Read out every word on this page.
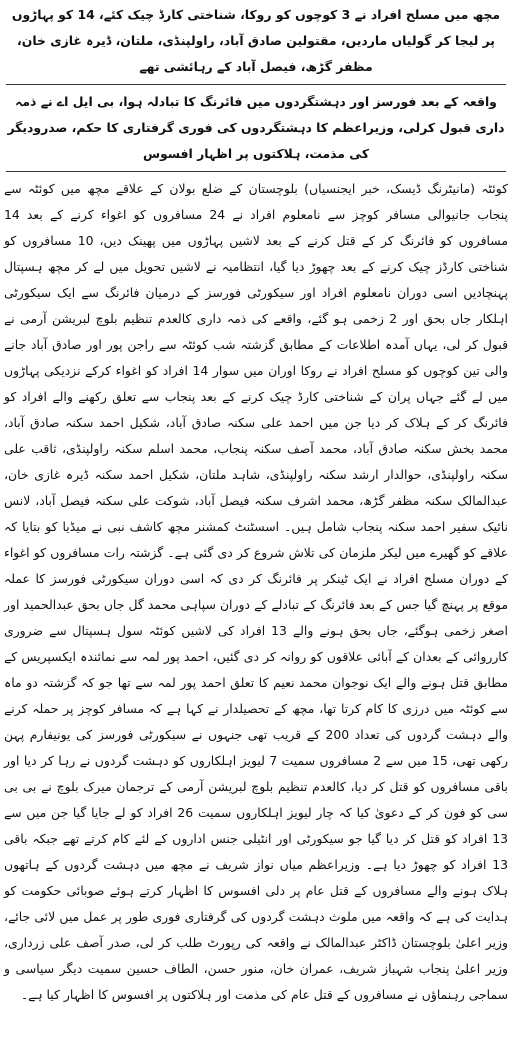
مچھ میں مسلح افراد نے 3 کوچوں کو روکا، شناختی کارڈ چیک کئے، 14 کو پہاڑوں پر لیجا کر گولیاں ماردیں، مقتولین صادق آباد، راولپنڈی، ملتان، ڈیرہ غازی خان، مظفر گڑھ، فیصل آباد کے رہائشی تھے
واقعہ کے بعد فورسز اور دہشتگردوں میں فائرنگ کا تبادلہ ہوا، بی ایل اے نے ذمہ داری قبول کرلی، وزیراعظم کا دہشتگردوں کی فوری گرفتاری کا حکم، صدرودیگر کی مذمت، ہلاکتوں پر اظہار افسوس

کوئٹہ (مانیٹرنگ ڈیسک، خبر ایجنسیاں) بلوچستان کے ضلع بولان کے علاقے مچھ میں کوئٹہ سے پنجاب جانیوالی مسافر کوچز سے نامعلوم افراد نے 24 مسافروں کو اغواء کرنے کے بعد 14 مسافروں کو فائرنگ کر کے قتل کرنے کے بعد لاشیں پہاڑوں میں پھینک دیں، 10 مسافروں کو شناختی کارڈز چیک کرنے کے بعد چھوڑ دیا گیا، انتظامیہ نے لاشیں تحویل میں لے کر مچھ ہسپتال پہنچادیں اسی دوران نامعلوم افراد اور سیکورٹی فورسز کے درمیان فائرنگ سے ایک سیکورٹی اہلکار جاں بحق اور 2 زخمی ہو گئے، واقعے کی ذمہ داری کالعدم تنظیم بلوچ لبریشن آرمی نے قبول کر لی، یہاں آمدہ اطلاعات کے مطابق گزشتہ شب کوئٹہ سے راجن پور اور صادق آباد جانے والی تین کوچوں کو مسلح افراد نے روکا اوران میں سوار 14 افراد کو اغواء کرکے نزدیکی پہاڑوں میں لے گئے جہاں پران کے شناختی کارڈ چیک کرنے کے بعد پنجاب سے تعلق رکھنے والے افراد کو فائرنگ کر کے ہلاک کر دیا جن میں احمد علی سکنہ صادق آباد، شکیل احمد سکنہ صادق آباد، محمد بخش سکنہ صادق آباد، محمد آصف سکنہ پنجاب، محمد اسلم سکنہ راولپنڈی، ثاقب علی سکنہ راولپنڈی، حوالدار ارشد سکنہ راولپنڈی، شاہد ملتان، شکیل احمد سکنہ ڈیرہ غازی خان، عبدالمالک سکنہ مظفر گڑھ، محمد اشرف سکنہ فیصل آباد، شوکت علی سکنہ فیصل آباد، لانس نائیک سفیر احمد سکنہ پنجاب شامل ہیں۔ اسسٹنٹ کمشنر مچھ کاشف نبی نے میڈیا کو بتایا کہ علاقے کو گھیرے میں لیکر ملزمان کی تلاش شروع کر دی گئی ہے۔ گزشتہ رات مسافروں کو اغواء کے دوران مسلح افراد نے ایک ٹینکر پر فائرنگ کر دی کہ اسی دوران سیکورٹی فورسز کا عملہ موقع پر پہنچ گیا جس کے بعد فائرنگ کے تبادلے کے دوران سپاہی محمد گل جاں بحق عبدالحمید اور اصغر زخمی ہوگئے، جاں بحق ہونے والے 13 افراد کی لاشیں کوئٹہ سول ہسپتال سے ضروری کارروائی کے بعدان کے آبائی علاقوں کو روانہ کر دی گئیں، احمد پور لمہ سے نمائندہ ایکسپریس کے مطابق قتل ہونے والے ایک نوجوان محمد نعیم کا تعلق احمد پور لمہ سے تھا جو کہ گزشتہ دو ماہ سے کوئٹہ میں درزی کا کام کرتا تھا، مچھ کے تحصیلدار نے کہا ہے کہ مسافر کوچز پر حملہ کرنے والے دہشت گردوں کی تعداد 200 کے قریب تھی جنہوں نے سیکورٹی فورسز کی یونیفارم پہن رکھی تھی، 15 میں سے 2 مسافروں سمیت 7 لیویز اہلکاروں کو دہشت گردوں نے رہا کر دیا اور باقی مسافروں کو قتل کر دیا، کالعدم تنظیم بلوچ لبریشن آرمی کے ترجمان میرک بلوچ نے بی بی سی کو فون کر کے دعویٰ کیا کہ چار لیویز اہلکاروں سمیت 26 افراد کو لے جایا گیا جن میں سے 13 افراد کو قتل کر دیا گیا جو سیکورٹی اور انٹیلی جنس اداروں کے لئے کام کرتے تھے جبکہ باقی 13 افراد کو چھوڑ دیا ہے۔ وزیراعظم میاں نواز شریف نے مچھ میں دہشت گردوں کے ہاتھوں ہلاک ہونے والے مسافروں کے قتل عام پر دلی افسوس کا اظہار کرتے ہوئے صوبائی حکومت کو ہدایت کی ہے کہ واقعہ میں ملوث دہشت گردوں کی گرفتاری فوری طور پر عمل میں لائی جائے، وزیر اعلیٰ بلوچستان ڈاکٹر عبدالمالک نے واقعہ کی رپورٹ طلب کر لی، صدر آصف علی زرداری، وزیر اعلیٰ پنجاب شہباز شریف، عمران خان، منور حسن، الطاف حسین سمیت دیگر سیاسی و سماجی رہنماؤں نے مسافروں کے قتل عام کی مذمت اور ہلاکتوں پر افسوس کا اظہار کیا ہے۔
